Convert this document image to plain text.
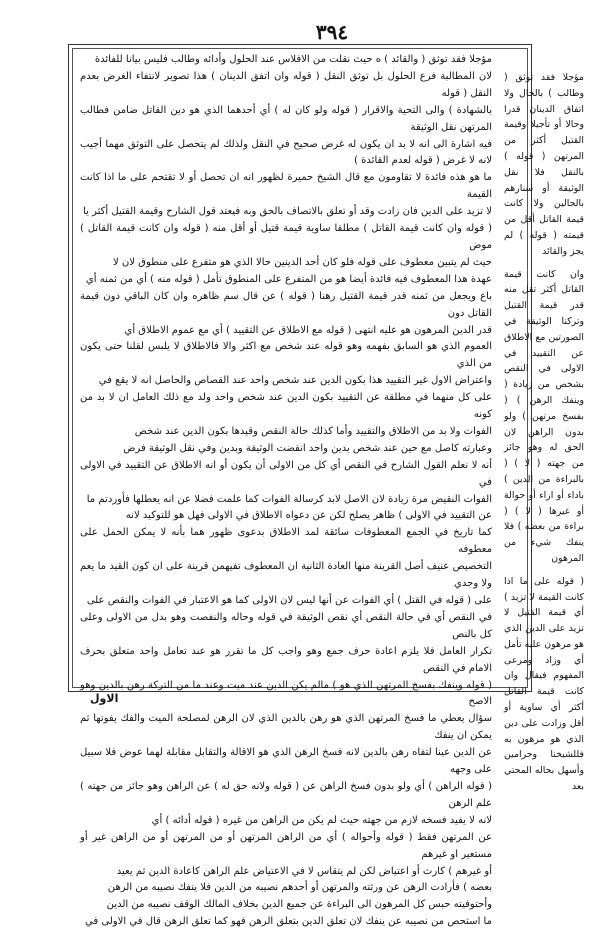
٣٩٤

مؤجلا فقد توثق ( والقائد ) ه حيث نقلت من الافلاس عند الحلول وأدائه وطالب فليس بيانا للفائدة

لان المطالبة فرع الحلول بل توثق النقل ( قوله وان اتفق الدينان ) هذا تصوير لانتفاء الغرض بعدم النقل ( قوله

بالشهادة ) والى التحية والاقرار ( قوله ولو كان له ) أي أحدهما الذي هو دين القاتل ضامن فطالب المرتهن نقل الوثيقة

فيه اشارة الى انه لا بد ان يكون له غرض صحيح في النقل ولذلك لم يتحصل على التوثق مهما أجيب لانه لا غرض ( قوله لعدم القائدة )

ما هو هذه فائدة لا تقاومون مع قال الشيخ حميرة لظهور انه ان تحصل أو لا تقتحم على ما اذا كانت القيمة

لا تزيد على الدين فان زادت وقد أو تعلق بالاتصاف بالحق وبه فيعتد قول الشارح وقيمة القتيل أكثر يا

( قوله وان كانت قيمة القاتل ) مطلقا ساوية قيمة قتيل أو أقل منه ( قوله وان كانت قيمة القاتل ) موض

حيث لم يتبين معطوف على قوله فلو كان أحد الدينين حالا الذي هو متفرع على منطوق لان لا

عهدة هذا المعطوف فيه فائدة أيضا هو من المتفرع على المنطوق تأمل ( قوله منه ) أي من ثمنه أي

باع ويجعل من ثمنه قدر قيمة القتيل رهنا ( قوله ) عن قال سم ظاهره وان كان الباقي دون قيمة القاتل دون

قدر الدين المرهون هو عليه انتهى ( قوله مع الاطلاق عن التقييد ) أي مع عموم الاطلاق أي

العموم الذي هو السابق بفهمه وهو قوله عند شخص مع اكثر والا فالاطلاق لا يلبس لقلنا حتى يكون من الذي

واعتراض الاول غير التقييد هذا بكون الدين عند شخص واحد عند القصاص والحاصل انه لا يقع في

على كل منهما في مطلقة عن التقييد بكون الدين عند شخص واحد ولد مع ذلك العامل ان لا بد من كونه

الفوات ولا بد من الاطلاق والتقييد وأما كذلك حالة النقص وقيدها بكون الدين عند شخص

وعبارته كاصل مع حين عند شخص بدين واحد انقضت الوثيقة وبدين وفي نقل الوثيقة فرض

أنه لا نعلم القول الشارح في النقص أي كل من الاولى أن يكون أو انه الاطلاق عن التقييد في الاولى في

الفوات النقيض مرة زيادة لان الاصل لابد كرسالة الفوات كما علمت فضلا عن انه يعطلها فأوردتم ما

عن التقييد في الاولى ) ظاهر يصلح لكن عن دعواه الاطلاق في الاولى فهل هو للتوكيد لانه

كما تاريخ في الجمع المعطوفات سائقة لمد الاطلاق بدعوى ظهور هما بأنه لا يمكن الحمل على معطوفه

التخصيص عنيف أصل القرينة منها العادة الثانية ان المعطوف تفيهمن قرينة على ان كون القيد ما يعم ولا وجدي

على ( قوله في القتل ) أي الفوات عن أنها ليس لان الاولى كما هو الاعتبار في الفوات والنقص على

في النقص أي في حالة النقص أي نقص الوثيقة في قوله وحاله والنفصت وهو بدل من الاولى وعلى كل بالنص

تكرار العامل فلا يلزم اعادة حرف جمع وهو واجب كل ما تقرر هو عند تعامل واحد متعلق بحرف الامام في النقص

( قوله وينفك بفسخ المرتهن الذي هو ) مالم يكن الدين عند ميت وعند ما من التركة رهن بالدين وهو الاصح

سؤال يعطي ما فسخ المرتهن الذي هو رهن بالدين الذي لان الرهن لمصلحة الميت والفك يفوتها ثم يمكن ان ينفك

عن الدين عينا لتفاه رهن بالدين لانه فسخ الرهن الذي هو الاقالة والتقابل مقابلة لهما عوض فلا سبيل على وجهه

( قوله الراهن ) أي ولو بدون فسخ الراهن عن ( قوله ولانه حق له ) عن الراهن وهو جائز من جهته ) علم الرهن

لانه لا يفيد فسخه لازم من جهته حيث لم يكن من الراهن من غيره ( قوله أدائه ) أي

عن المرتهن فقط ( قوله وأحواله ) أي من الراهن المرتهن أو من المرتهن أو من الراهن غير أو مستعير او غيرهم

أو غيرهم ) كارث أو اعتياض لكن لم يتقاس لا في الاعتياض علم الراهن كاعادة الدين ثم يعيد

بعضه ) فأرادت الرهن عن ورثته والمرتهن أو أحدهم نصيبه من الدين فلا ينفك نصيبه من الرهن

وأحتوفيته حبس كل المرهون الى البراءة عن جميع الدين بخلاف المالك الوقف نصيبه من الدين

ما استحص من نصيبه عن ينفك لان تعلق الدين بتعلق الرهن فهو كما تعلق الرهن قال في الاولى في

مؤجلا فقد توثق ( وطالب ) بالحال ولا اتفاق الدينان قدرا وحالا أو تأجيلا وقيمة القتيل أكثر من المرتهن ( قوله ) بالنقل فلا نقل الوثيقة أو سنارهم بالحالين ولا كانت قيمة القاتل أقل من قيمته ( قوله ) لم يجز والقائد

وان كانت قيمة القاتل أكثر تقل منه قدر قيمة القتيل وتركنا الوثيقة في الصورتين مع الاطلاق عن التقييد في الاولى في النقص بشخص من زيادة ( وينفك الرهن ) ( بفسخ مرتهن ) ولو بدون الراهن لان الحق له وهو جائز من جهته ( لا ) ( بالبراءة من الدين ) باداء أو اراء أو حوالة أو غيرها ( لا ) ( براءة من بعضه ) فلا ينفك شيء من المرهون

( قوله على ما اذا كانت القيمة لا تزيد ) أي قيمة القتيل لا تزيد على الدين الذي هو مرهون عليه تأمل أي وزاد ومرعى المفهوم فيقال وان كانت قيمة القاتل أكثر أي ساوية أو أقل وزادت على دين الذي هو مرهون به فللشيخنا وحرامين وأسهل بحاله المحتي بعد

الاول
